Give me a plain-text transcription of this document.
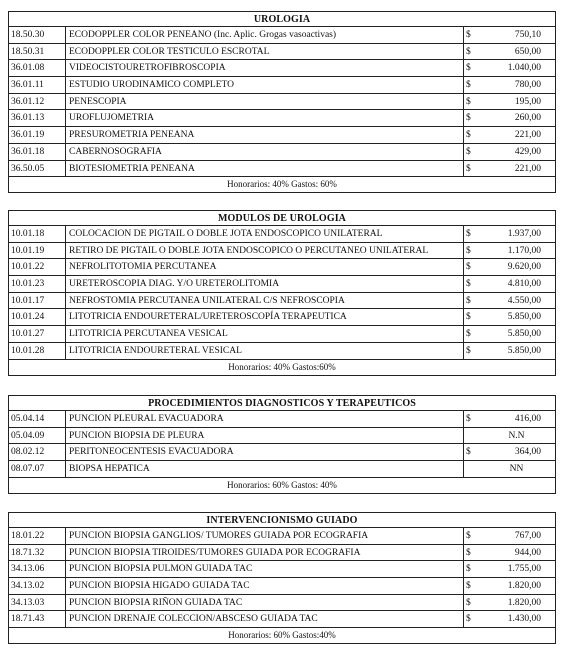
UROLOGIA
18.50.30	ECODOPPLER COLOR PENEANO (Inc. Aplic. Grogas vasoactivas)	$	750,10
18.50.31	ECODOPPLER COLOR TESTICULO ESCROTAL	$	650,00
36.01.08	VIDEOCISTOURETROFIBROSCOPIA	$	1.040,00
36.01.11	ESTUDIO URODINAMICO COMPLETO	$	780,00
36.01.12	PENESCOPIA	$	195,00
36.01.13	UROFLUJOMETRIA	$	260,00
36.01.19	PRESUROMETRIA PENEANA	$	221,00
36.01.18	CABERNOSOGRAFIA	$	429,00
36.50.05	BIOTESIOMETRIA PENEANA	$	221,00
Honorarios: 40% Gastos: 60%
MODULOS DE UROLOGIA
10.01.18	COLOCACION DE PIGTAIL O DOBLE JOTA ENDOSCOPICO UNILATERAL	$	1.937,00
10.01.19	RETIRO DE PIGTAIL O DOBLE JOTA ENDOSCOPICO O PERCUTANEO UNILATERAL	$	1.170,00
10.01.22	NEFROLITOTOMIA PERCUTANEA	$	9.620,00
10.01.23	URETEROSCOPIA DIAG. Y/O URETEROLITOMIA	$	4.810,00
10.01.17	NEFROSTOMIA PERCUTANEA UNILATERAL C/S NEFROSCOPIA	$	4.550,00
10.01.24	LITOTRICIA ENDOURETERAL/URETEROSCOPÍA TERAPEUTICA	$	5.850,00
10.01.27	LITOTRICIA PERCUTANEA VESICAL	$	5.850,00
10.01.28	LITOTRICIA ENDOURETERAL VESICAL	$	5.850,00
Honorarios: 40% Gastos:60%
PROCEDIMIENTOS DIAGNOSTICOS Y TERAPEUTICOS
05.04.14	PUNCION PLEURAL EVACUADORA	$	416,00
05.04.09	PUNCION BIOPSIA DE PLEURA	N.N
08.02.12	PERITONEOCENTESIS EVACUADORA	$	364,00
08.07.07	BIOPSA HEPATICA	NN
Honorarios: 60% Gastos: 40%
INTERVENCIONISMO GUIADO
18.01.22	PUNCION BIOPSIA GANGLIOS/ TUMORES GUIADA POR ECOGRAFIA	$	767,00
18.71.32	PUNCION BIOPSIA TIROIDES/TUMORES GUIADA POR ECOGRAFIA	$	944,00
34.13.06	PUNCION BIOPSIA PULMON GUIADA TAC	$	1.755,00
34.13.02	PUNCION BIOPSIA HIGADO GUIADA TAC	$	1.820,00
34.13.03	PUNCION BIOPSIA RIÑON GUIADA TAC	$	1.820,00
18.71.43	PUNCION DRENAJE COLECCION/ABSCESO GUIADA TAC	$	1.430,00
Honorarios: 60% Gastos:40%
